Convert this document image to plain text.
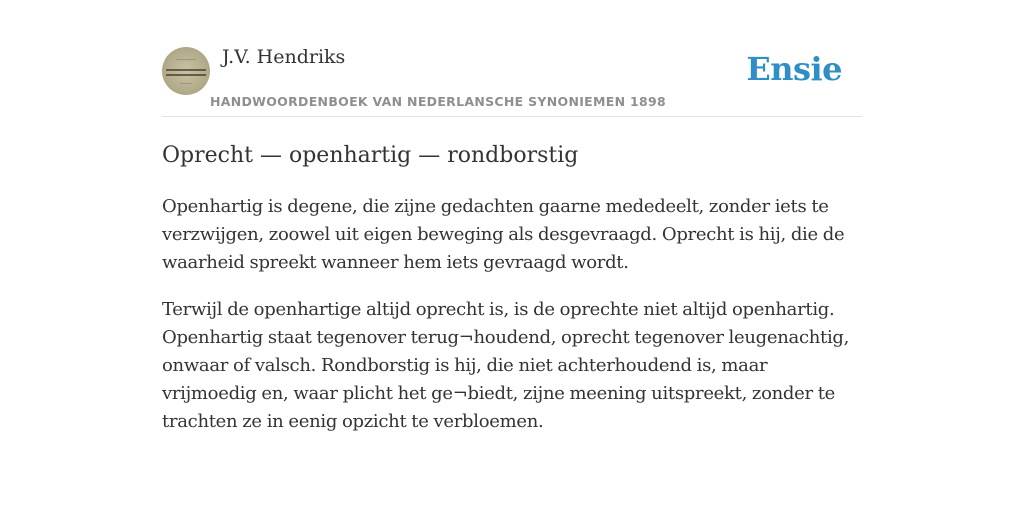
J.V. Hendriks

HANDWOORDENBOEK VAN NEDERLANSCHE SYNONIEMEN 1898
Ensie
Oprecht — openhartig — rondborstig

Openhartig is degene, die zijne gedachten gaarne mededeelt, zonder iets te verzwijgen, zoowel uit eigen beweging als desgevraagd. Oprecht is hij, die de waarheid spreekt wanneer hem iets gevraagd wordt.

Terwijl de openhartige altijd oprecht is, is de oprechte niet altijd openhartig. Openhartig staat tegenover terug¬houdend, oprecht tegenover leugenachtig, onwaar of valsch. Rondborstig is hij, die niet achterhoudend is, maar vrijmoedig en, waar plicht het ge¬biedt, zijne meening uitspreekt, zonder te trachten ze in eenig opzicht te verbloemen.
